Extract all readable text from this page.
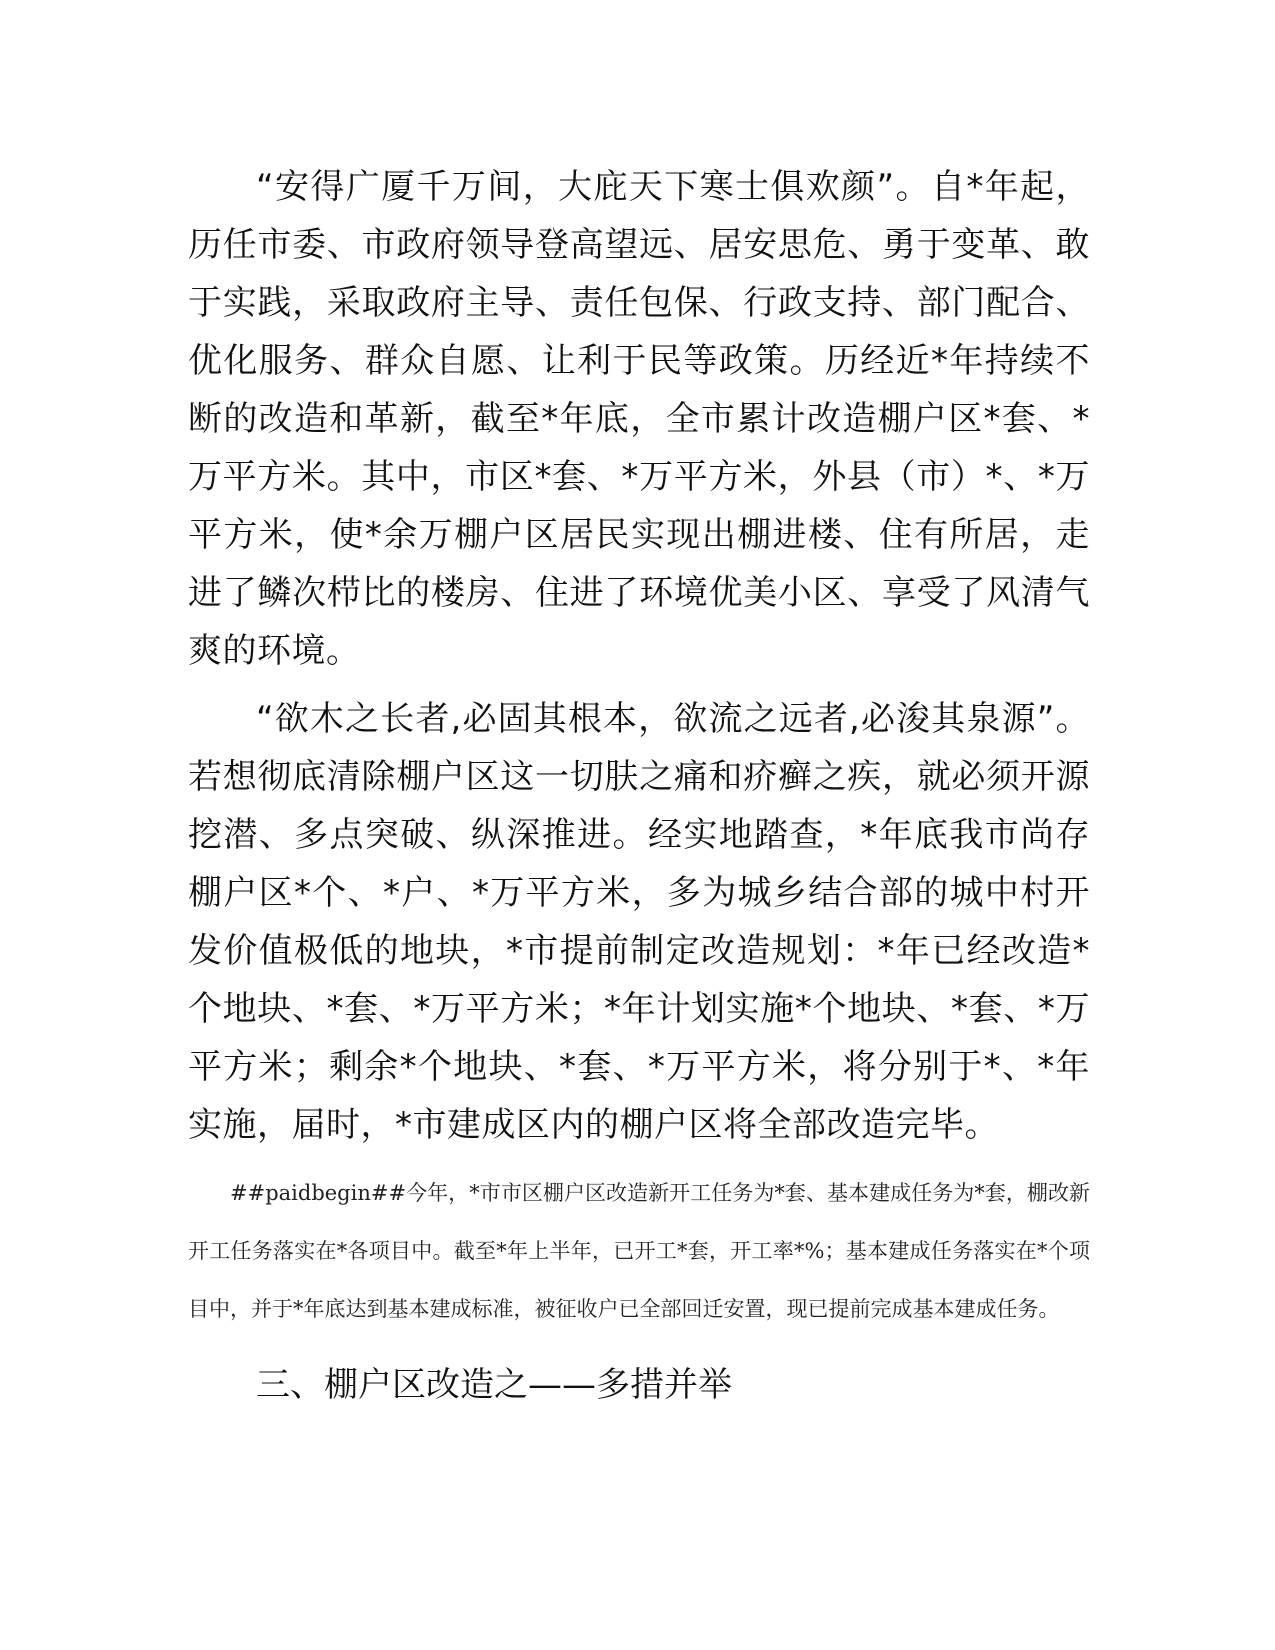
“安得广厦千万间，大庇天下寒士俱欢颜”。自*年起，历任市委、市政府领导登高望远、居安思危、勇于变革、敢于实践，采取政府主导、责任包保、行政支持、部门配合、优化服务、群众自愿、让利于民等政策。历经近*年持续不断的改造和革新，截至*年底，全市累计改造棚户区*套、*万平方米。其中，市区*套、*万平方米，外县（市）*、*万平方米，使*余万棚户区居民实现出棚进楼、住有所居，走进了鳞次栉比的楼房、住进了环境优美小区、享受了风清气爽的环境。

“欲木之长者,必固其根本，欲流之远者,必浚其泉源”。若想彻底清除棚户区这一切肤之痛和疥癣之疾，就必须开源挖潜、多点突破、纵深推进。经实地踏查，*年底我市尚存棚户区*个、*户、*万平方米，多为城乡结合部的城中村开发价值极低的地块，*市提前制定改造规划：*年已经改造*个地块、*套、*万平方米；*年计划实施*个地块、*套、*万平方米；剩余*个地块、*套、*万平方米，将分别于*、*年实施，届时，*市建成区内的棚户区将全部改造完毕。

##paidbegin##今年，*市市区棚户区改造新开工任务为*套、基本建成任务为*套，棚改新开工任务落实在*各项目中。截至*年上半年，已开工*套，开工率*%；基本建成任务落实在*个项目中，并于*年底达到基本建成标准，被征收户已全部回迁安置，现已提前完成基本建成任务。

三、棚户区改造之——多措并举
